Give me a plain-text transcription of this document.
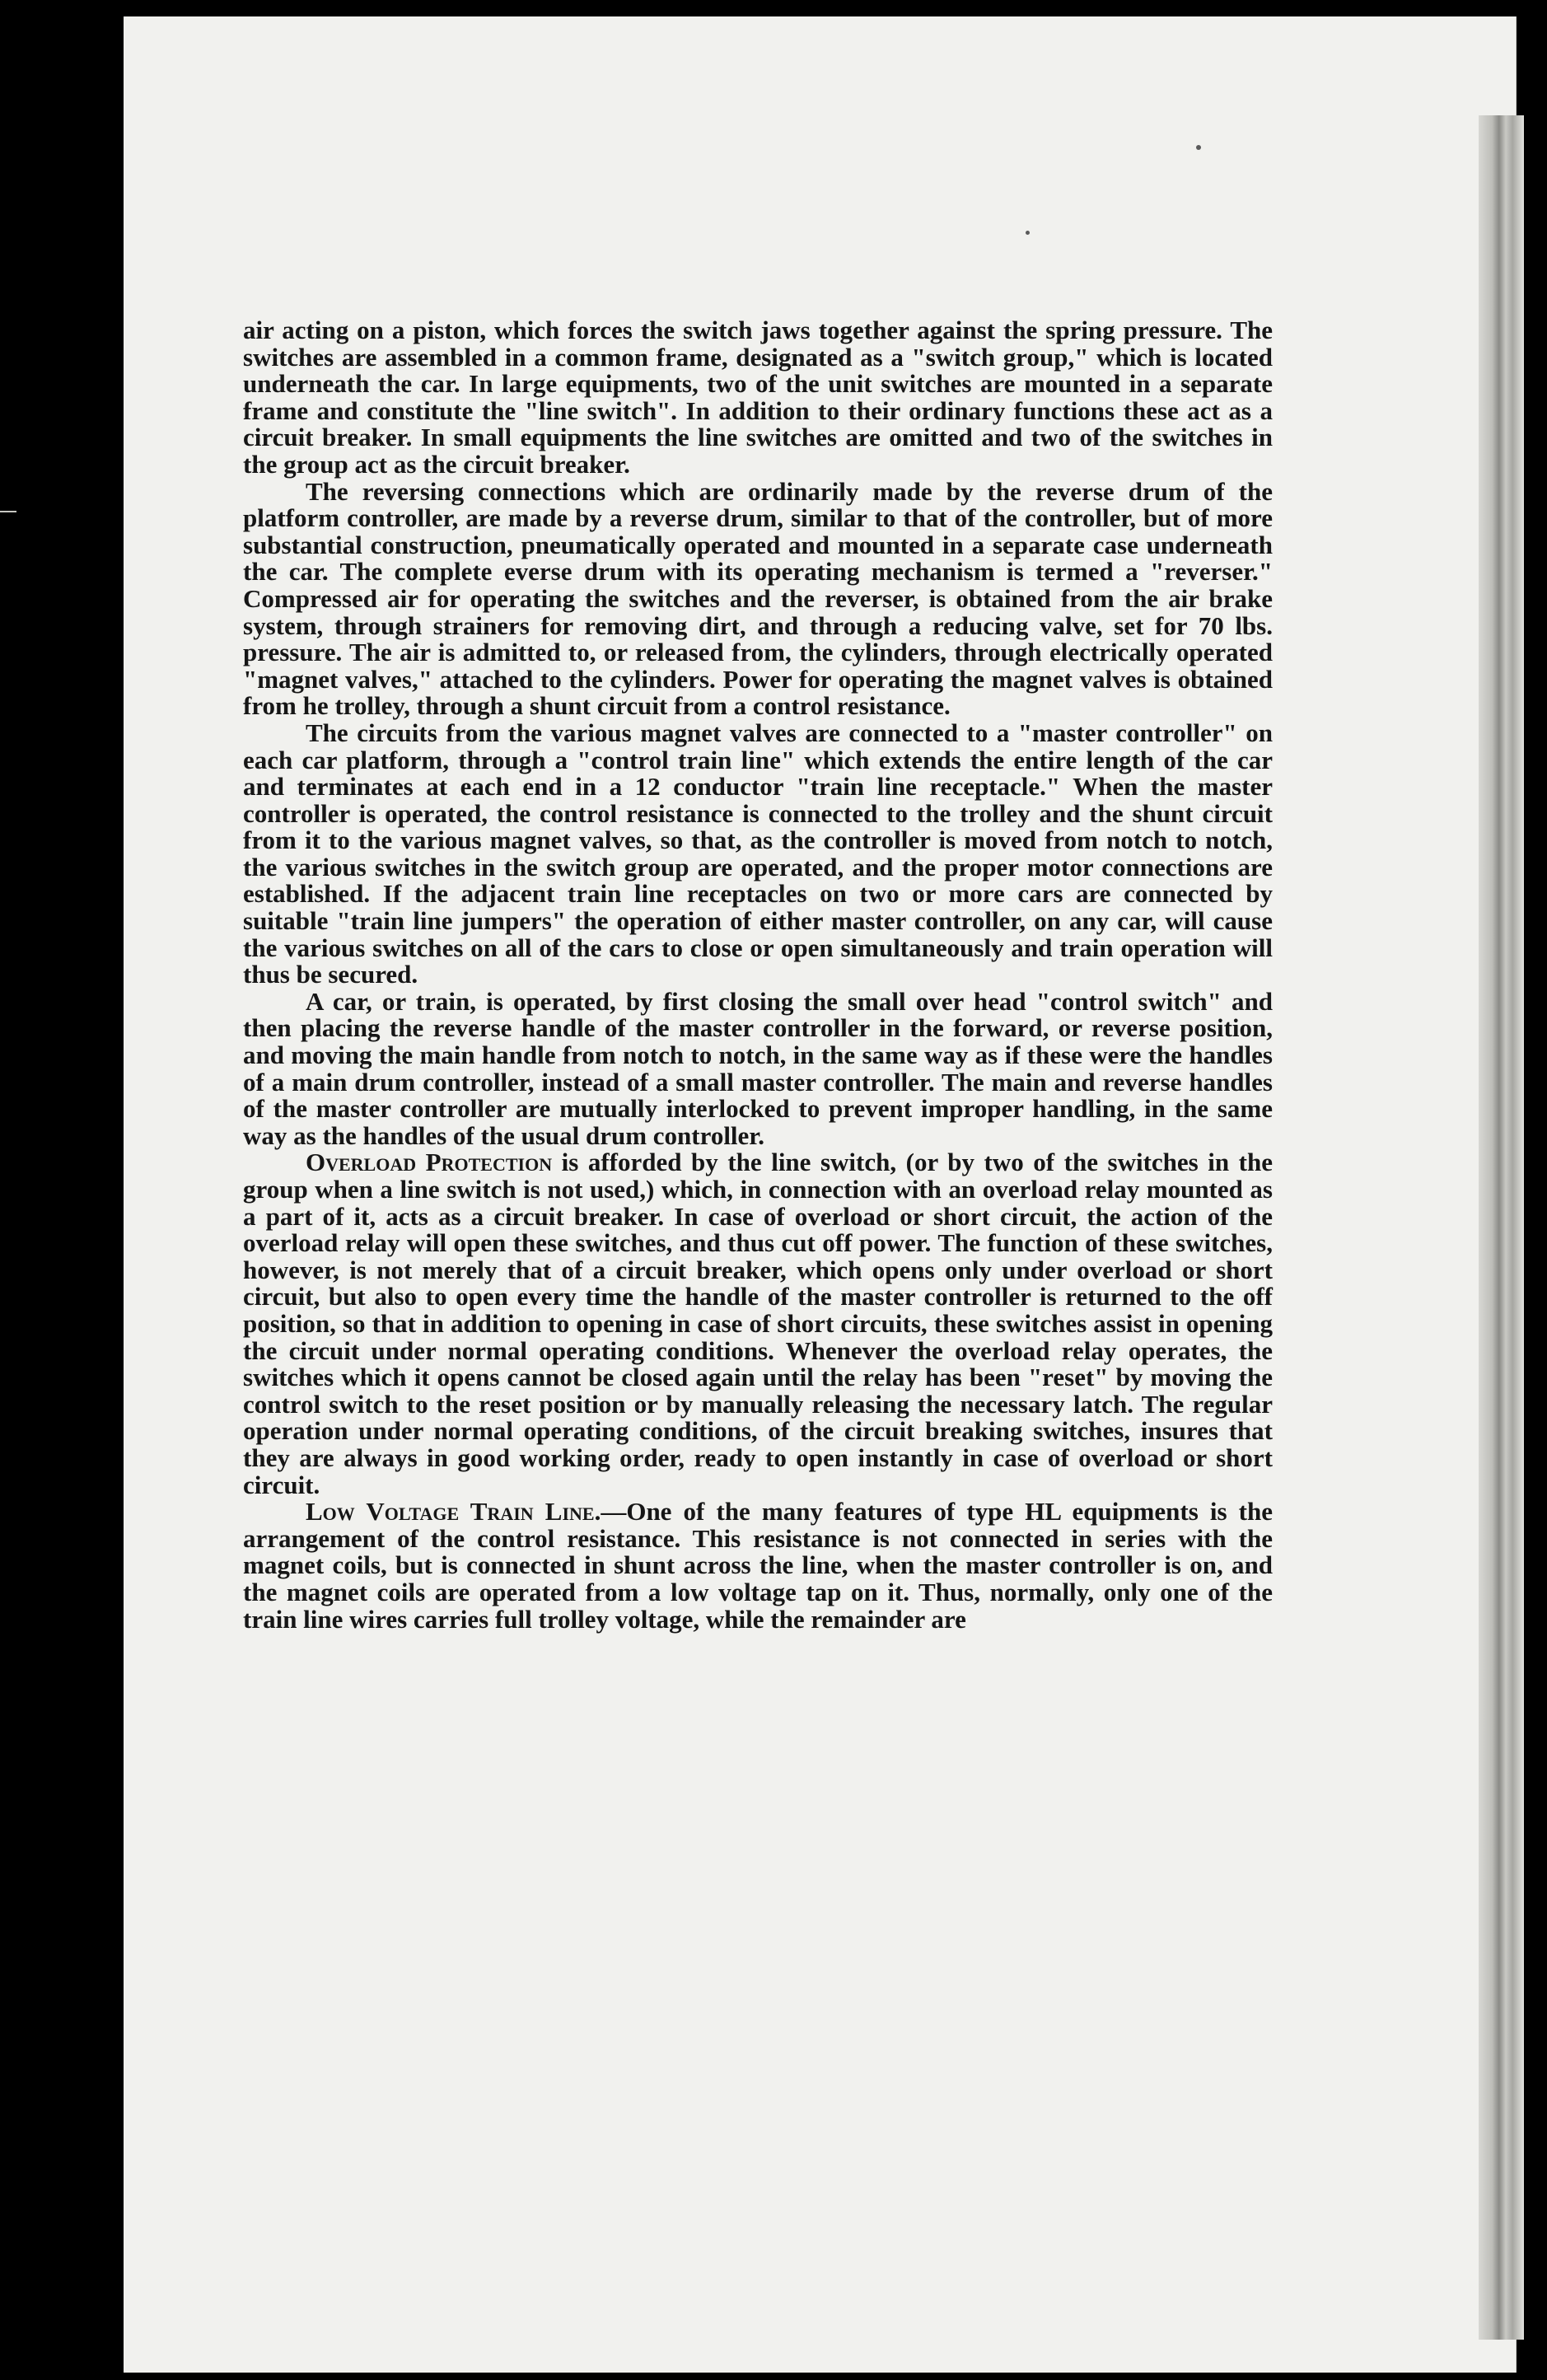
air acting on a piston, which forces the switch jaws together against the spring pressure. The switches are assembled in a common frame, designated as a "switch group," which is located underneath the car. In large equipments, two of the unit switches are mounted in a separate frame and constitute the "line switch". In addition to their ordinary functions these act as a circuit breaker. In small equipments the line switches are omitted and two of the switches in the group act as the circuit breaker.

The reversing connections which are ordinarily made by the reverse drum of the platform controller, are made by a reverse drum, similar to that of the controller, but of more substantial construction, pneumatically operated and mounted in a separate case underneath the car. The complete everse drum with its operating mechanism is termed a "reverser." Compressed air for operating the switches and the reverser, is obtained from the air brake system, through strainers for removing dirt, and through a reducing valve, set for 70 lbs. pressure. The air is admitted to, or released from, the cylinders, through electrically operated "magnet valves," attached to the cylinders. Power for operating the magnet valves is obtained from he trolley, through a shunt circuit from a control resistance.

The circuits from the various magnet valves are connected to a "master controller" on each car platform, through a "control train line" which extends the entire length of the car and terminates at each end in a 12 conductor "train line receptacle." When the master controller is operated, the control resistance is connected to the trolley and the shunt circuit from it to the various magnet valves, so that, as the controller is moved from notch to notch, the various switches in the switch group are operated, and the proper motor connections are established. If the adjacent train line receptacles on two or more cars are connected by suitable "train line jumpers" the operation of either master controller, on any car, will cause the various switches on all of the cars to close or open simultaneously and train operation will thus be secured.

A car, or train, is operated, by first closing the small over head "control switch" and then placing the reverse handle of the master controller in the forward, or reverse position, and moving the main handle from notch to notch, in the same way as if these were the handles of a main drum controller, instead of a small master controller. The main and reverse handles of the master controller are mutually interlocked to prevent improper handling, in the same way as the handles of the usual drum controller.

Overload Protection is afforded by the line switch, (or by two of the switches in the group when a line switch is not used,) which, in connection with an overload relay mounted as a part of it, acts as a circuit breaker. In case of overload or short circuit, the action of the overload relay will open these switches, and thus cut off power. The function of these switches, however, is not merely that of a circuit breaker, which opens only under overload or short circuit, but also to open every time the handle of the master controller is returned to the off position, so that in addition to opening in case of short circuits, these switches assist in opening the circuit under normal operating conditions. Whenever the overload relay operates, the switches which it opens cannot be closed again until the relay has been "reset" by moving the control switch to the reset position or by manually releasing the necessary latch. The regular operation under normal operating conditions, of the circuit breaking switches, insures that they are always in good working order, ready to open instantly in case of overload or short circuit.

Low Voltage Train Line.—One of the many features of type HL equipments is the arrangement of the control resistance. This resistance is not connected in series with the magnet coils, but is connected in shunt across the line, when the master controller is on, and the magnet coils are operated from a low voltage tap on it. Thus, normally, only one of the train line wires carries full trolley voltage, while the remainder are
